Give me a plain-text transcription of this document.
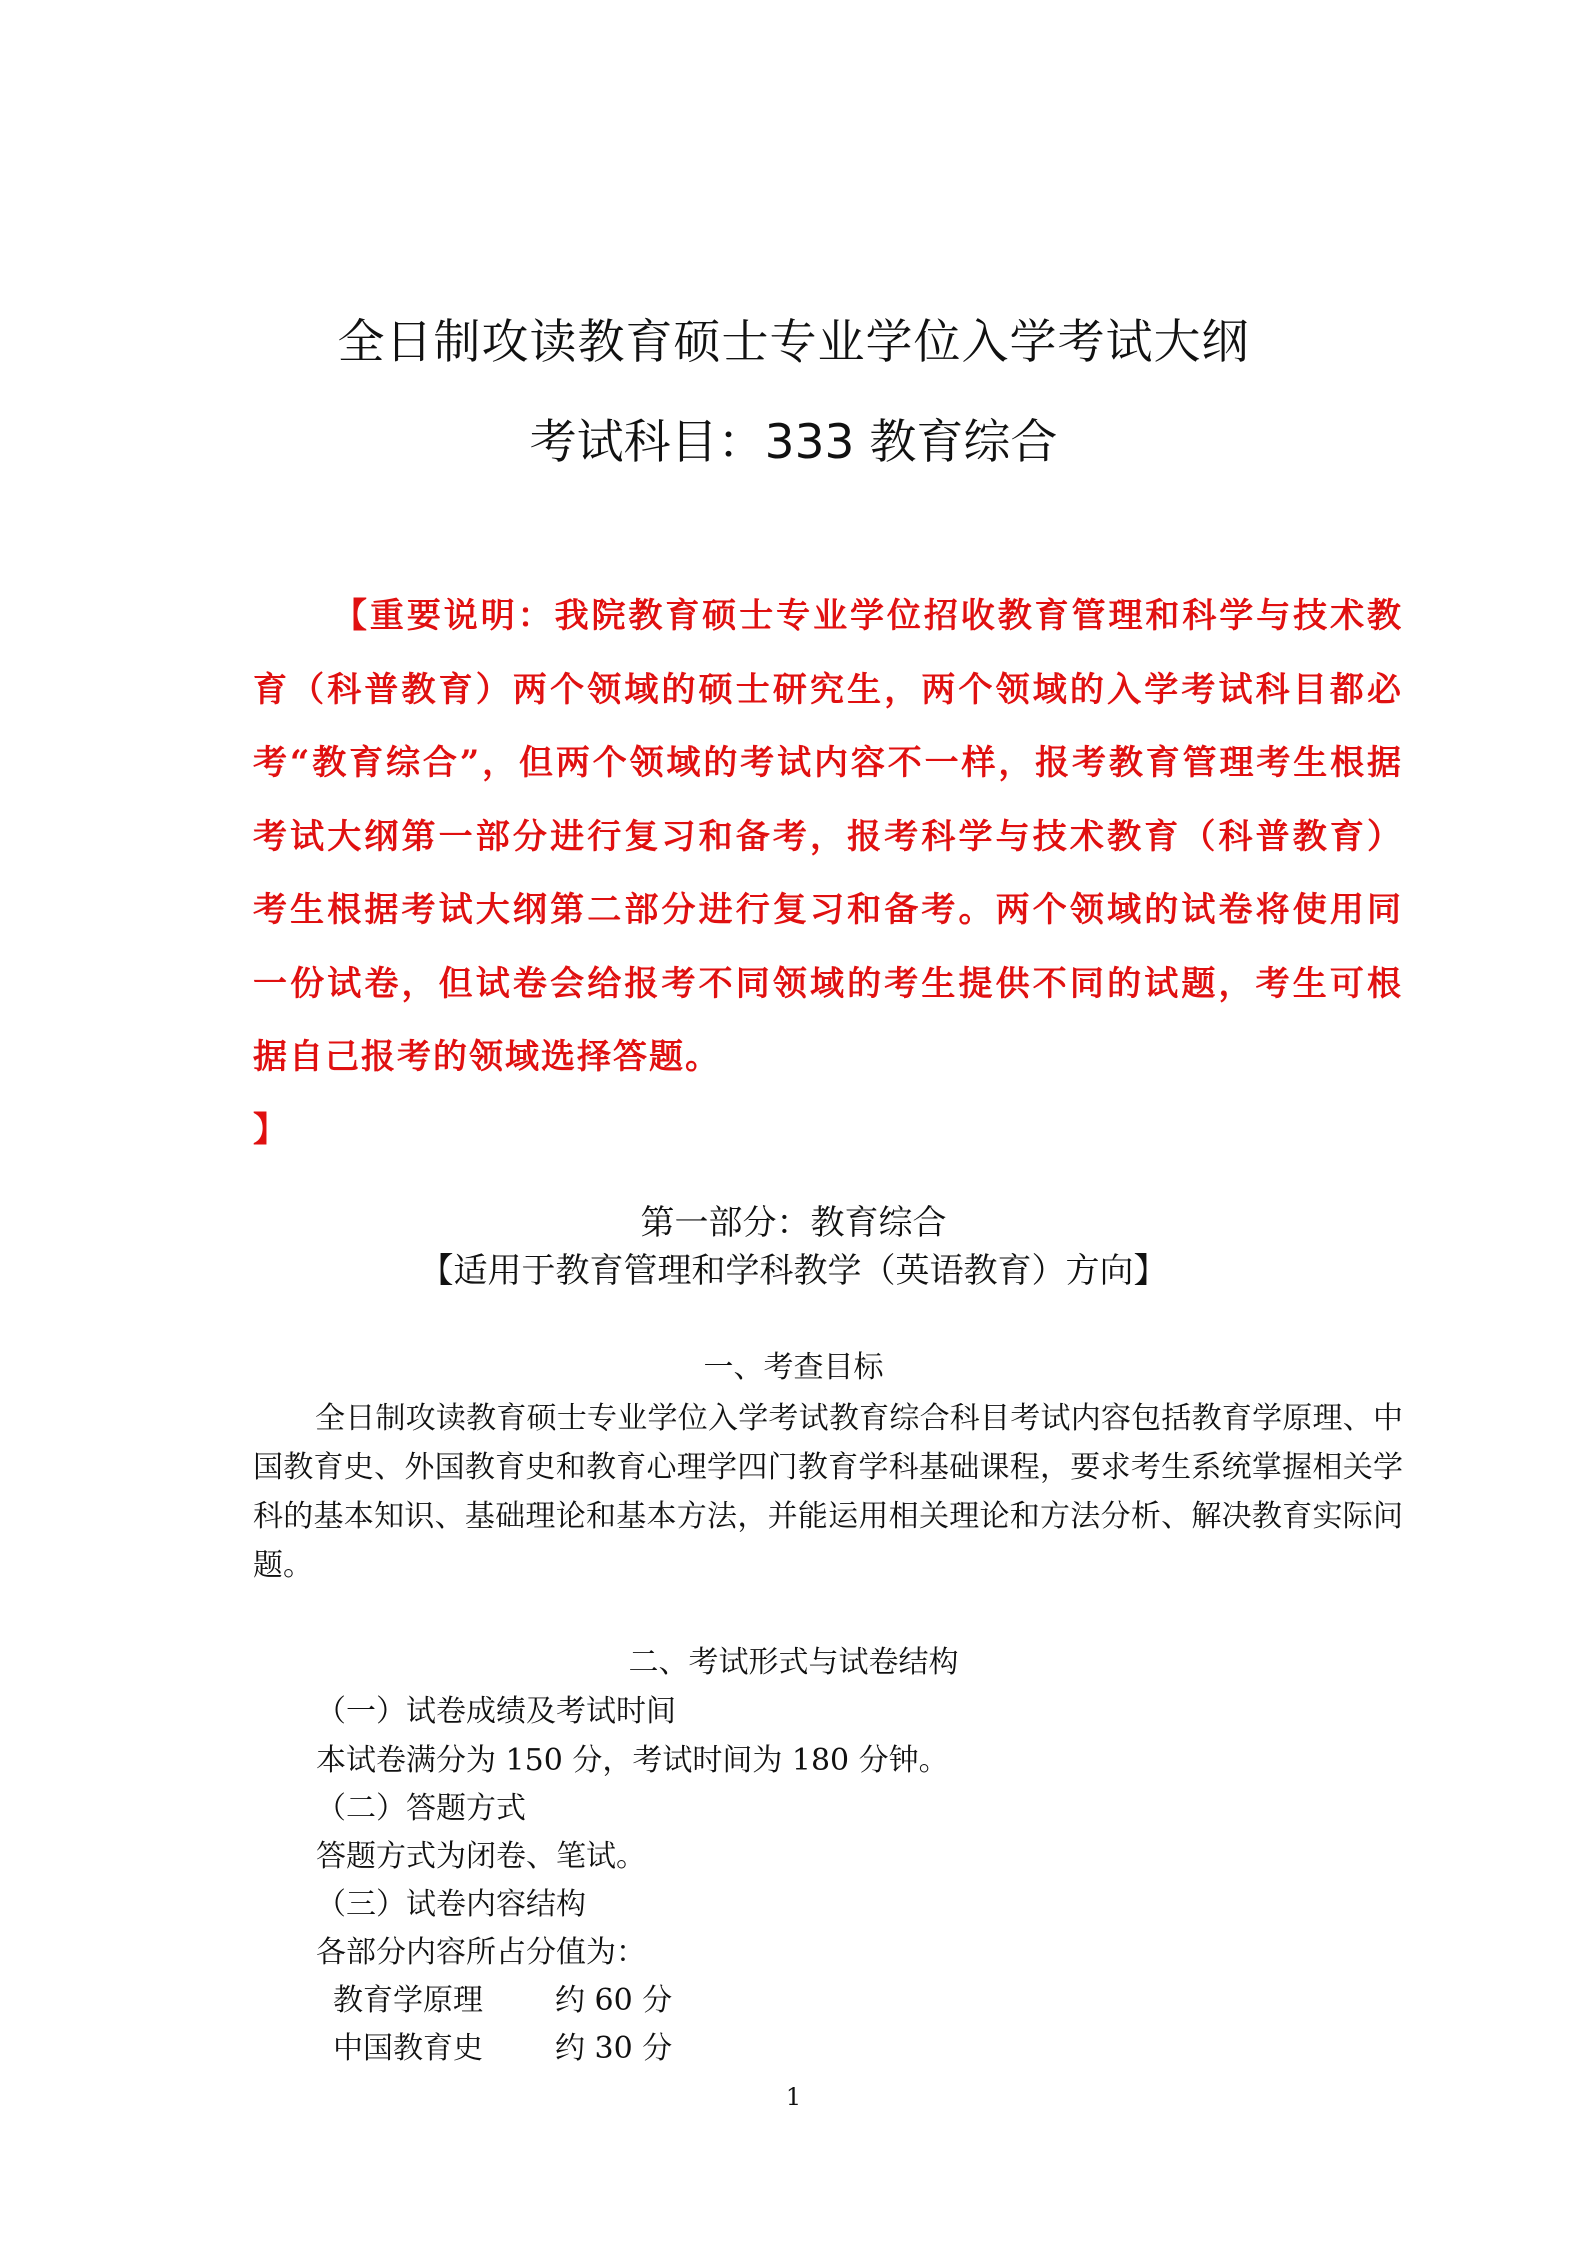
全日制攻读教育硕士专业学位入学考试大纲
考试科目：333 教育综合
【重要说明：我院教育硕士专业学位招收教育管理和科学与技术教育（科普教育）两个领域的硕士研究生，两个领域的入学考试科目都必考“教育综合”，但两个领域的考试内容不一样，报考教育管理考生根据考试大纲第一部分进行复习和备考，报考科学与技术教育（科普教育）考生根据考试大纲第二部分进行复习和备考。两个领域的试卷将使用同一份试卷，但试卷会给报考不同领域的考生提供不同的试题，考生可根据自己报考的领域选择答题。
】
第一部分：教育综合
【适用于教育管理和学科教学（英语教育）方向】
一、考查目标
全日制攻读教育硕士专业学位入学考试教育综合科目考试内容包括教育学原理、中国教育史、外国教育史和教育心理学四门教育学科基础课程，要求考生系统掌握相关学科的基本知识、基础理论和基本方法，并能运用相关理论和方法分析、解决教育实际问题。
二、考试形式与试卷结构
（一）试卷成绩及考试时间
本试卷满分为 150 分，考试时间为 180 分钟。
（二）答题方式
答题方式为闭卷、笔试。
（三）试卷内容结构
各部分内容所占分值为：
教育学原理 约 60 分
中国教育史 约 30 分
1
